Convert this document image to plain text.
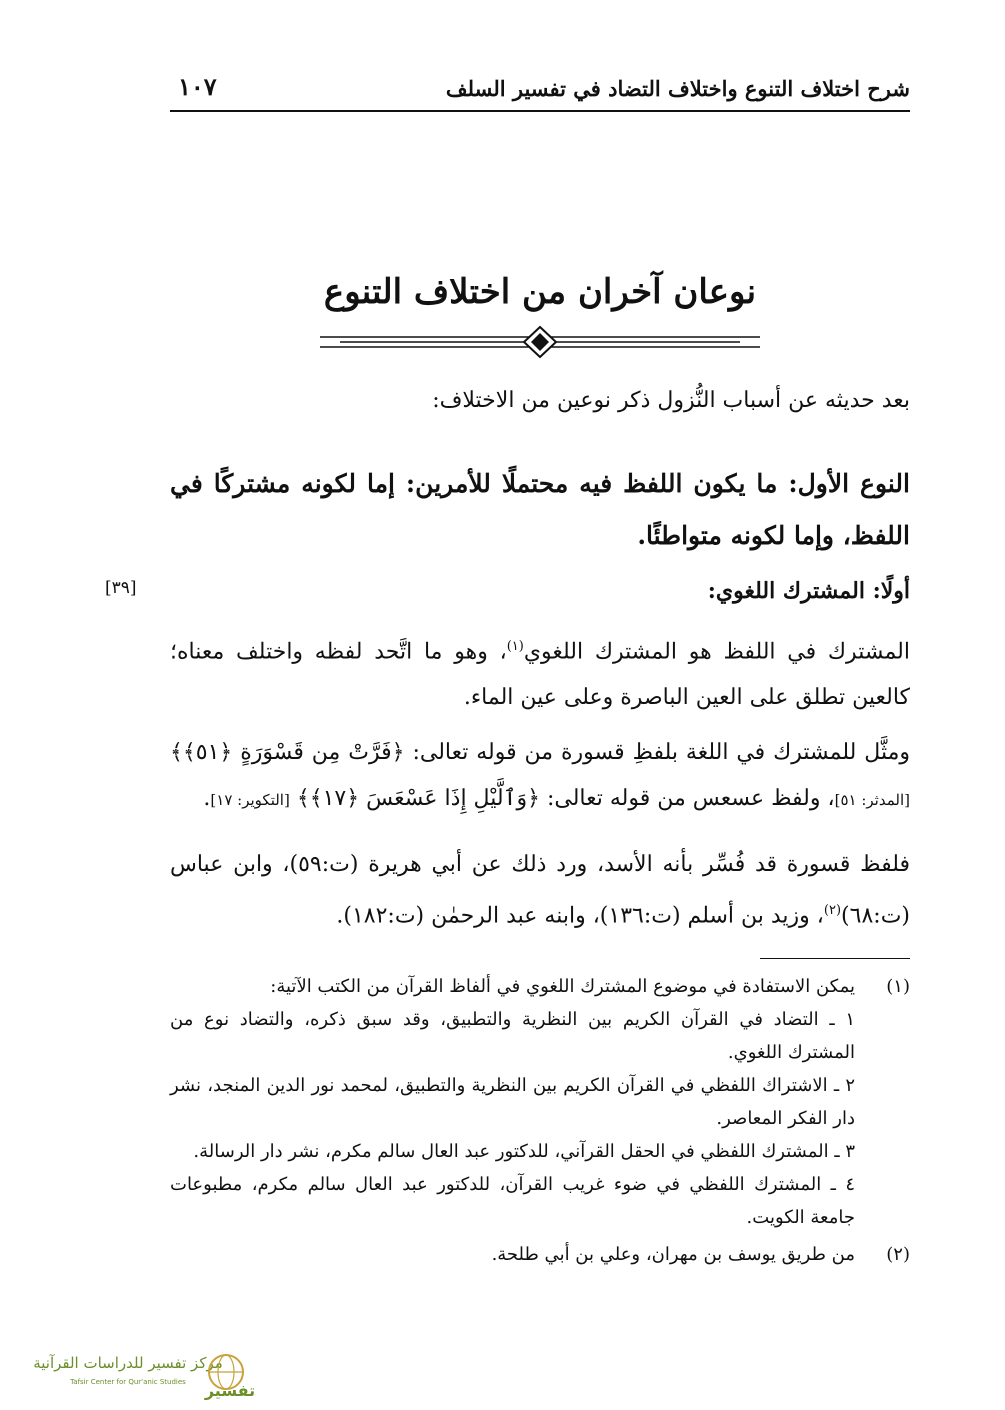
شرح اختلاف التنوع واختلاف التضاد في تفسير السلف
١٠٧
نوعان آخران من اختلاف التنوع
بعد حديثه عن أسباب النُّزول ذكر نوعين من الاختلاف:
النوع الأول: ما يكون اللفظ فيه محتملًا للأمرين: إما لكونه مشتركًا في اللفظ، وإما لكونه متواطئًا.
أولًا: المشترك اللغوي:
[٣٩]
المشترك في اللفظ هو المشترك اللغوي$^{(١)}$، وهو ما اتَّحد لفظه واختلف معناه؛ كالعين تطلق على العين الباصرة وعلى عين الماء.
ومثَّل للمشترك في اللغة بلفظِ قسورة من قوله تعالى: ﴿فَرَّتْ مِن قَسْوَرَةٍ ﴿٥١﴾﴾ [المدثر: ٥١]، ولفظ عسعس من قوله تعالى: ﴿وَٱلَّيْلِ إِذَا عَسْعَسَ ﴿١٧﴾﴾ [التكوير: ١٧].
فلفظ قسورة قد فُسِّر بأنه الأسد، ورد ذلك عن أبي هريرة (ت:٥٩)، وابن عباس (ت:٦٨)$^{(٢)}$، وزيد بن أسلم (ت:١٣٦)، وابنه عبد الرحمٰن (ت:١٨٢).
(١)
يمكن الاستفادة في موضوع المشترك اللغوي في ألفاظ القرآن من الكتب الآتية:
١ ـ التضاد في القرآن الكريم بين النظرية والتطبيق، وقد سبق ذكره، والتضاد نوع من المشترك اللغوي.
٢ ـ الاشتراك اللفظي في القرآن الكريم بين النظرية والتطبيق، لمحمد نور الدين المنجد، نشر دار الفكر المعاصر.
٣ ـ المشترك اللفظي في الحقل القرآني، للدكتور عبد العال سالم مكرم، نشر دار الرسالة.
٤ ـ المشترك اللفظي في ضوء غريب القرآن، للدكتور عبد العال سالم مكرم، مطبوعات جامعة الكويت.
(٢)
من طريق يوسف بن مهران، وعلي بن أبي طلحة.
مركز تفسير للدراسات القرآنية
Tafsir Center for Qur'anic Studies تفسير
